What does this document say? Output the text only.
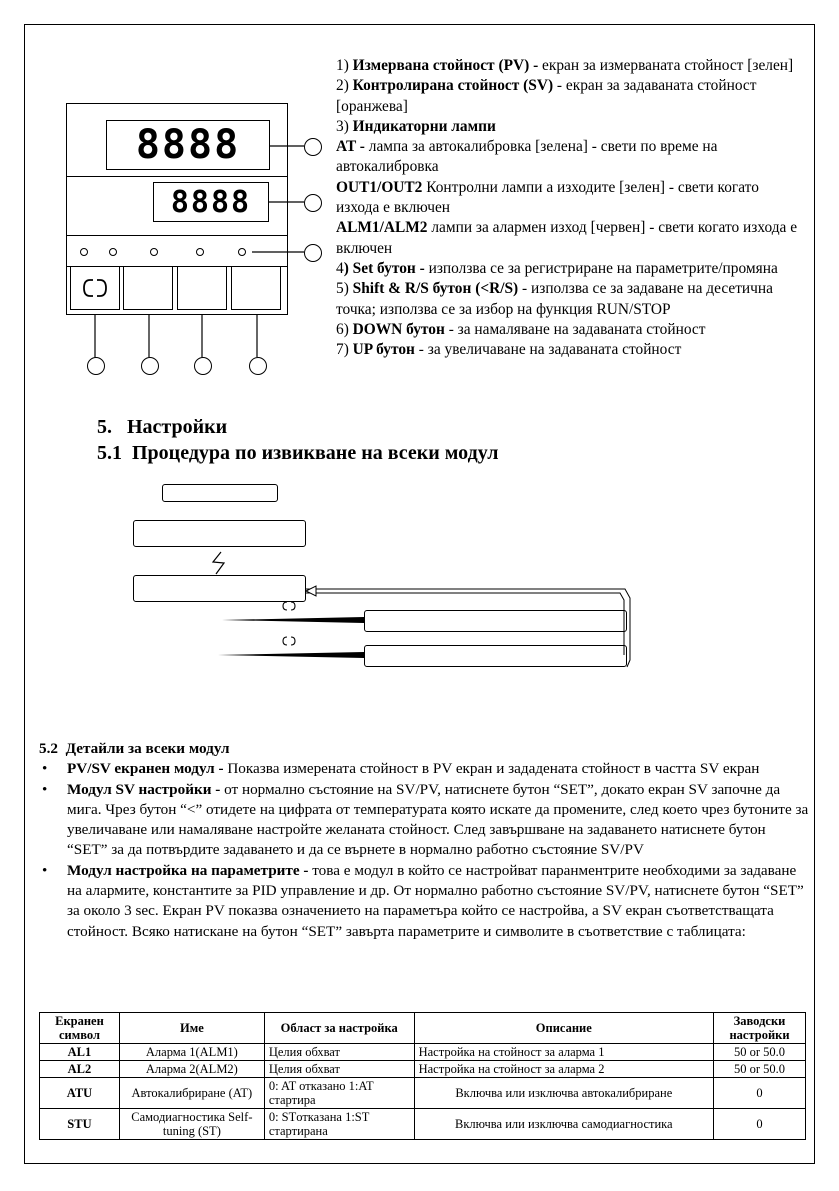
8888
8888

1) Измервана стойност (PV) - екран за измерваната стойност [зелен]

2) Контролирана стойност (SV) - екран за задаваната стойност [оранжева]

3) Индикаторни лампи

AT - лампа за автокалибровка [зелена] - свети по време на автокалибровка

OUT1/OUT2 Контролни лампи а изходите [зелен] - свети когато изхода е включен

ALM1/ALM2 лампи за алармен изход [червен] - свети когато изхода е включен

4) Set бутон - използва се за регистриране на параметрите/промяна

5) Shift & R/S бутон (<R/S) - използва се за задаване на десетична точка; използва се за избор на функция RUN/STOP

6) DOWN бутон - за намаляване на задаваната стойност

7) UP бутон - за увеличаване на задаваната стойност

5.   Настройки
5.1  Процедура по извикване на всеки модул
5.2  Детайли за всеки модул
• PV/SV екранен модул - Показва измерената стойност в PV екран и зададената стойност в частта SV екран
• Модул SV настройки - от нормално състояние на SV/PV, натиснете бутон “SET”, докато екран SV започне да мига. Чрез бутон “<” отидете на цифрата от температурата която искате да промените, след което чрез бутоните за увеличаване или намаляване настройте желаната стойност. След завършване на задаването натиснете бутон “SET” за да потвърдите задаването и да се върнете в нормално работно състояние SV/PV
• Модул настройка на параметрите - това е модул в който се настройват паранментрите необходими за задаване на алармите, константите за PID управление и др. От нормално работно състояние SV/PV, натиснете бутон “SET” за около 3 sec. Екран PV показва означението на параметъра който се настройва, а SV екран съответстващата стойност. Всяко натискане на бутон “SET” завърта параметрите и символите в съответствие с таблицата:
Екранен символ	Име	Област за настройка	Описание	Заводски настройки
AL1	Аларма 1(ALM1)	Целия обхват	Настройка на стойност за аларма 1	50 or 50.0
AL2	Аларма 2(ALM2)	Целия обхват	Настройка на стойност за аларма 2	50 or 50.0
ATU	Автокалибриране (AT)	0: AT отказано 1:AT стартира	Включва или изключва автокалибриране	0
STU	Самодиагностика Self-tuning (ST)	0: STотказана 1:ST стартирана	Включва или изключва самодиагностика	0
